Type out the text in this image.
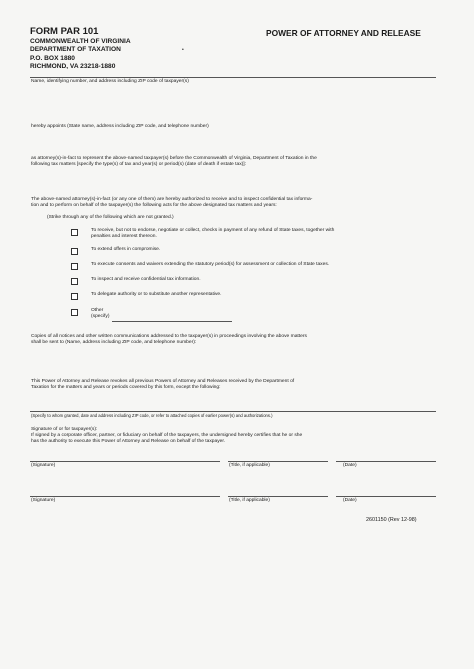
FORM PAR 101
COMMONWEALTH OF VIRGINIA
DEPARTMENT OF TAXATION
P.O. BOX 1880
RICHMOND, VA 23218-1880
POWER OF ATTORNEY AND RELEASE
•
Name, identifying number, and address including ZIP code of taxpayer(s)
hereby appoints (State name, address including ZIP code, and telephone number)
as attorney(s)-in-fact to represent the above-named taxpayer(s) before the Commonwealth of Virginia, Department of Taxation in the
following tax matters [specify the type(s) of tax and year(s) or period(s) (date of death if estate tax)]:
The above-named attorney(s)-in-fact (or any one of them) are hereby authorized to receive and to inspect confidential tax informa-
tion and to perform on behalf of the taxpayer(s) the following acts for the above designated tax matters and years:
(Strike through any of the following which are not granted.)
To receive, but not to endorse, negotiate or collect, checks in payment of any refund of State taxes, together with
penalties and interest thereon.
To extend offers in compromise.
To execute consents and waivers extending the statutory period(s) for assessment or collection of State taxes.
To inspect and receive confidential tax information.
To delegate authority or to substitute another representative.
Other
(specify)
Copies of all notices and other written communications addressed to the taxpayer(s) in proceedings involving the above matters
shall be sent to (Name, address including ZIP code, and telephone number):
This Power of Attorney and Release revokes all previous Powers of Attorney and Releases received by the Department of
Taxation for the matters and years or periods covered by this form, except the following:
(Specify to whom granted, date and address including ZIP code, or refer to attached copies of earlier power(s) and authorizations.)
Signature of or for taxpayer(s):
If signed by a corporate officer, partner, or fiduciary on behalf of the taxpayers, the undersigned hereby certifies that he or she
has the authority to execute this Power of Attorney and Release on behalf of the taxpayer.
(Signature)	(Title, if applicable)	(Date)
(Signature)	(Title, if applicable)	(Date)
2601150 (Rev 12-98)
